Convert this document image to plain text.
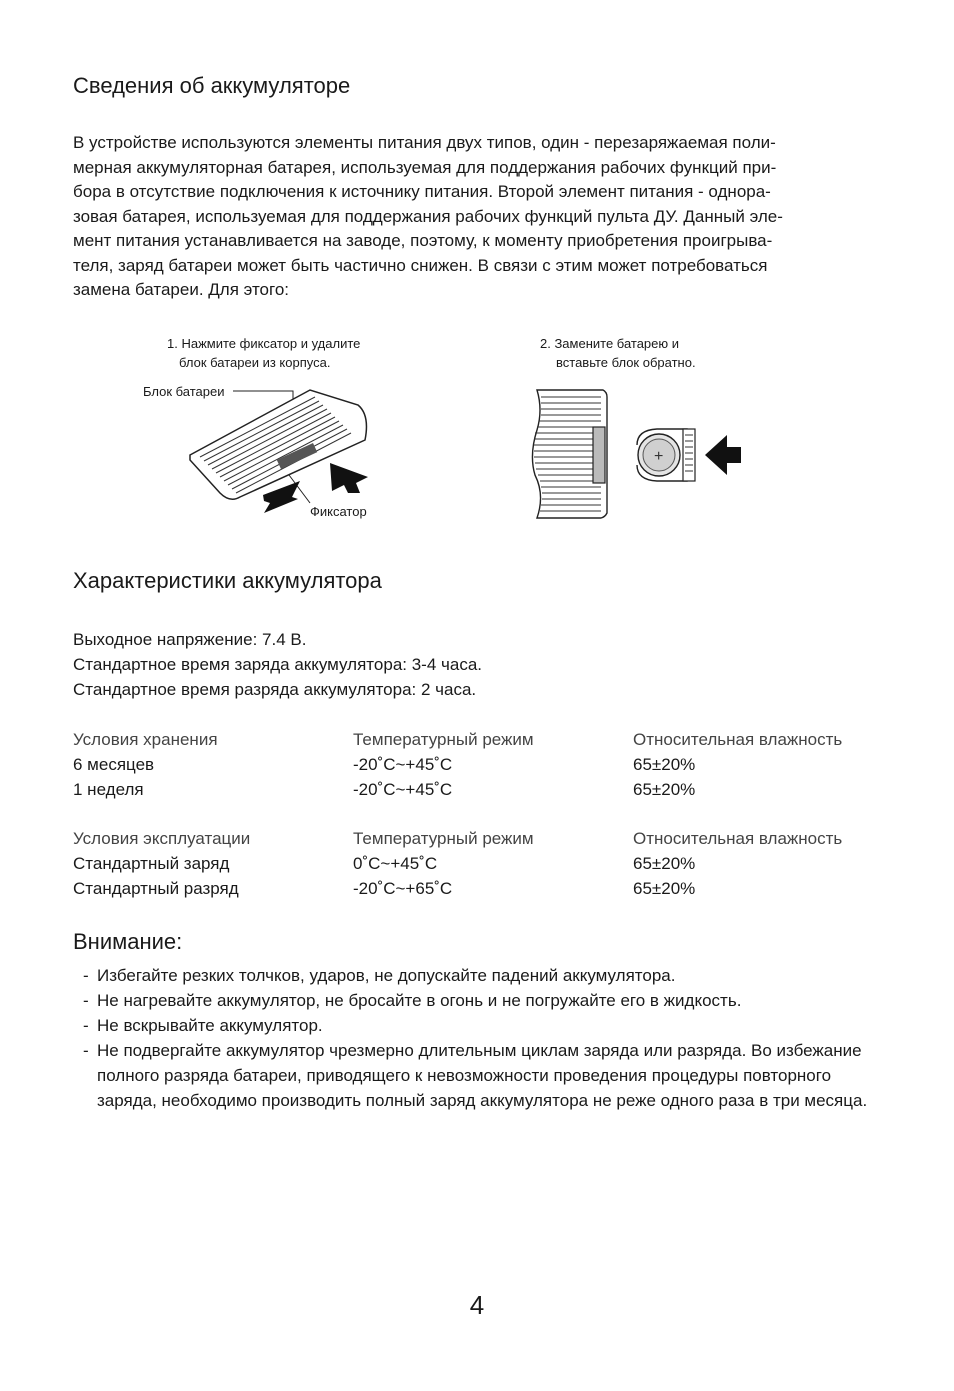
Сведения об аккумуляторе
В устройстве используются элементы питания двух типов, один - перезаряжаемая поли-
мерная аккумуляторная батарея, используемая для поддержания рабочих функций при-
бора в отсутствие подключения к источнику питания. Второй элемент питания - однора-
зовая батарея, используемая для поддержания рабочих функций пульта ДУ. Данный эле-
мент питания устанавливается на заводе, поэтому, к моменту приобретения проигрыва-
теля, заряд батареи может быть частично снижен. В связи с этим может потребоваться
замена батареи. Для этого:
1. Нажмите фиксатор и удалите
блок батареи из корпуса.
Блок батареи
Фиксатор
2. Замените батарею и
вставьте блок обратно.
+
Характеристики аккумулятора
Выходное напряжение: 7.4 В.
Стандартное время заряда аккумулятора: 3-4 часа.
Стандартное время разряда аккумулятора: 2 часа.
Условия хранения	Температурный режим	Относительная влажность
6 месяцев	-20˚C~+45˚C	65±20%
1 неделя	-20˚C~+45˚C	65±20%
Условия эксплуатации	Температурный режим	Относительная влажность
Стандартный заряд	0˚C~+45˚C	65±20%
Стандартный разряд	-20˚C~+65˚C	65±20%
Внимание:
- Избегайте резких толчков, ударов, не допускайте падений аккумулятора.
- Не нагревайте аккумулятор, не бросайте в огонь и не погружайте его в жидкость.
- Не вскрывайте аккумулятор.
- Не подвергайте аккумулятор чрезмерно длительным циклам заряда или разряда. Во избежание полного разряда батареи, приводящего к невозможности проведения процедуры повторного заряда, необходимо производить полный заряд аккумулятора не реже одного раза в три месяца.
4
